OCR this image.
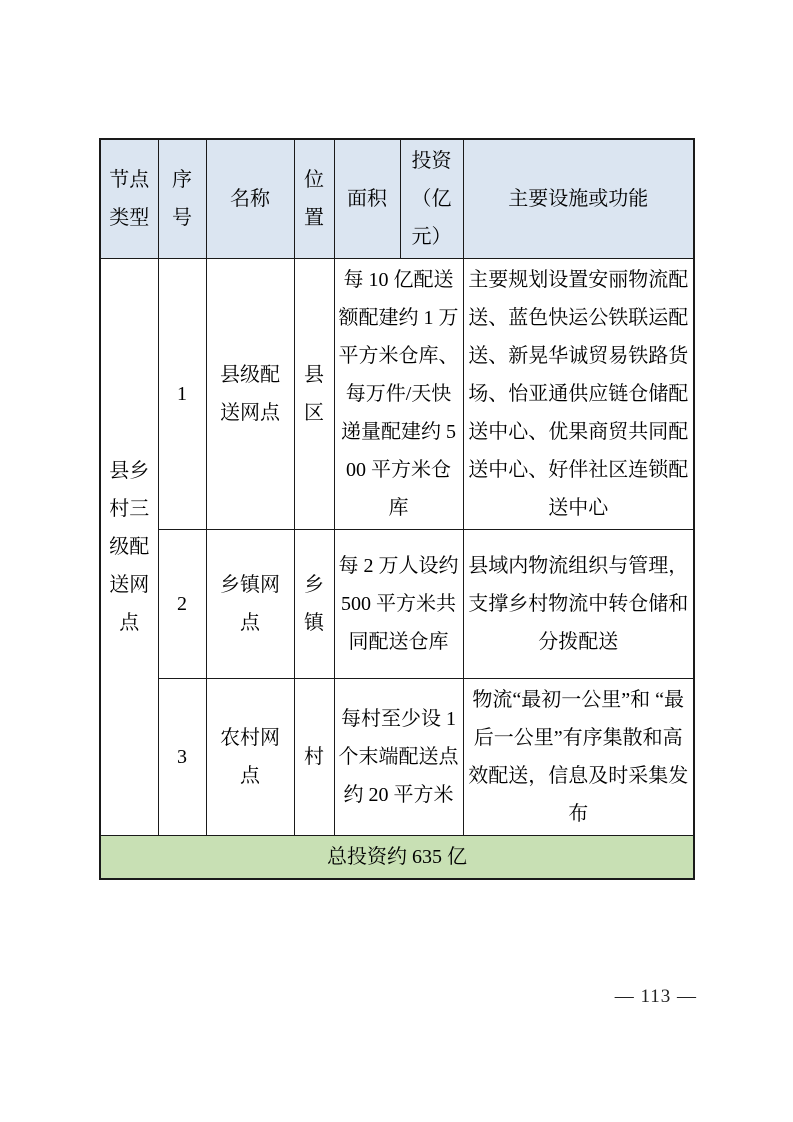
节点类型	序号	名称	位置	面积	投资（亿元）	主要设施或功能
县乡村三级配送网点	1	县级配送网点	县区	每 10 亿配送额配建约 1 万平方米仓库、每万件/天快递量配建约 500 平方米仓库		主要规划设置安丽物流配送、蓝色快运公铁联运配送、新晃华诚贸易铁路货场、怡亚通供应链仓储配送中心、优果商贸共同配送中心、好伴社区连锁配送中心
	2	乡镇网点	乡镇	每 2 万人设约 500 平方米共同配送仓库		县域内物流组织与管理，支撑乡村物流中转仓储和分拨配送
	3	农村网点	村	每村至少设 1 个末端配送点约 20 平方米		物流“最初一公里”和 “最后一公里”有序集散和高效配送，信息及时采集发布
总投资约 635 亿						
— 113 —
